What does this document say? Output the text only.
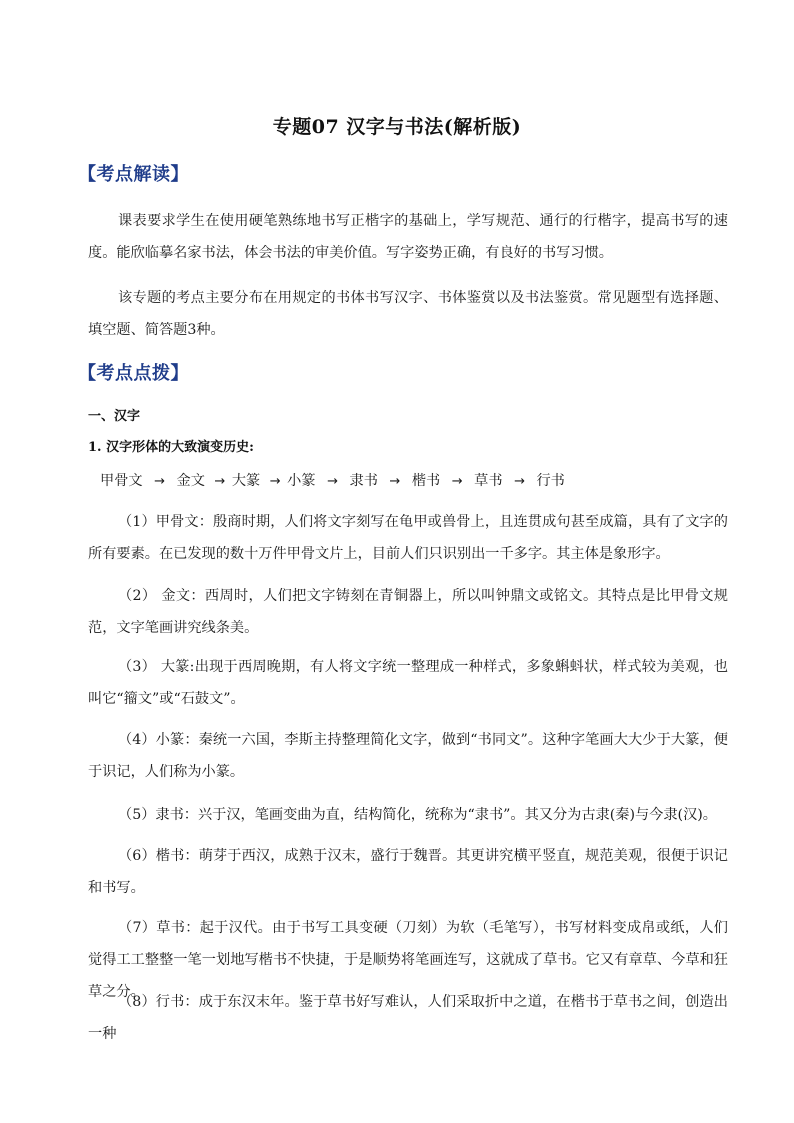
专题07 汉字与书法(解析版)
【考点解读】
课表要求学生在使用硬笔熟练地书写正楷字的基础上，学写规范、通行的行楷字，提高书写的速度。能欣临摹名家书法，体会书法的审美价值。写字姿势正确，有良好的书写习惯。
该专题的考点主要分布在用规定的书体书写汉字、书体鉴赏以及书法鉴赏。常见题型有选择题、填空题、简答题3种。
【考点点拨】
一、汉字
1. 汉字形体的大致演变历史:
甲骨文 → 金文 → 大篆 → 小篆 → 隶书 → 楷书 → 草书 → 行书
（1）甲骨文：殷商时期，人们将文字刻写在龟甲或兽骨上，且连贯成句甚至成篇，具有了文字的所有要素。在已发现的数十万件甲骨文片上，目前人们只识别出一千多字。其主体是象形字。
（2） 金文：西周时，人们把文字铸刻在青铜器上，所以叫钟鼎文或铭文。其特点是比甲骨文规范，文字笔画讲究线条美。
（3） 大篆:出现于西周晚期，有人将文字统一整理成一种样式，多象蝌蚪状，样式较为美观，也叫它“籀文”或“石鼓文”。
（4）小篆：秦统一六国，李斯主持整理简化文字，做到“书同文”。这种字笔画大大少于大篆，便于识记，人们称为小篆。
（5）隶书：兴于汉，笔画变曲为直，结构简化，统称为“隶书”。其又分为古隶(秦)与今隶(汉)。
（6）楷书：萌芽于西汉，成熟于汉末，盛行于魏晋。其更讲究横平竖直，规范美观，很便于识记和书写。
（7）草书：起于汉代。由于书写工具变硬（刀刻）为软（毛笔写），书写材料变成帛或纸，人们觉得工工整整一笔一划地写楷书不快捷，于是顺势将笔画连写，这就成了草书。它又有章草、今草和狂草之分。
（8）行书：成于东汉末年。鉴于草书好写难认，人们采取折中之道，在楷书于草书之间，创造出一种
